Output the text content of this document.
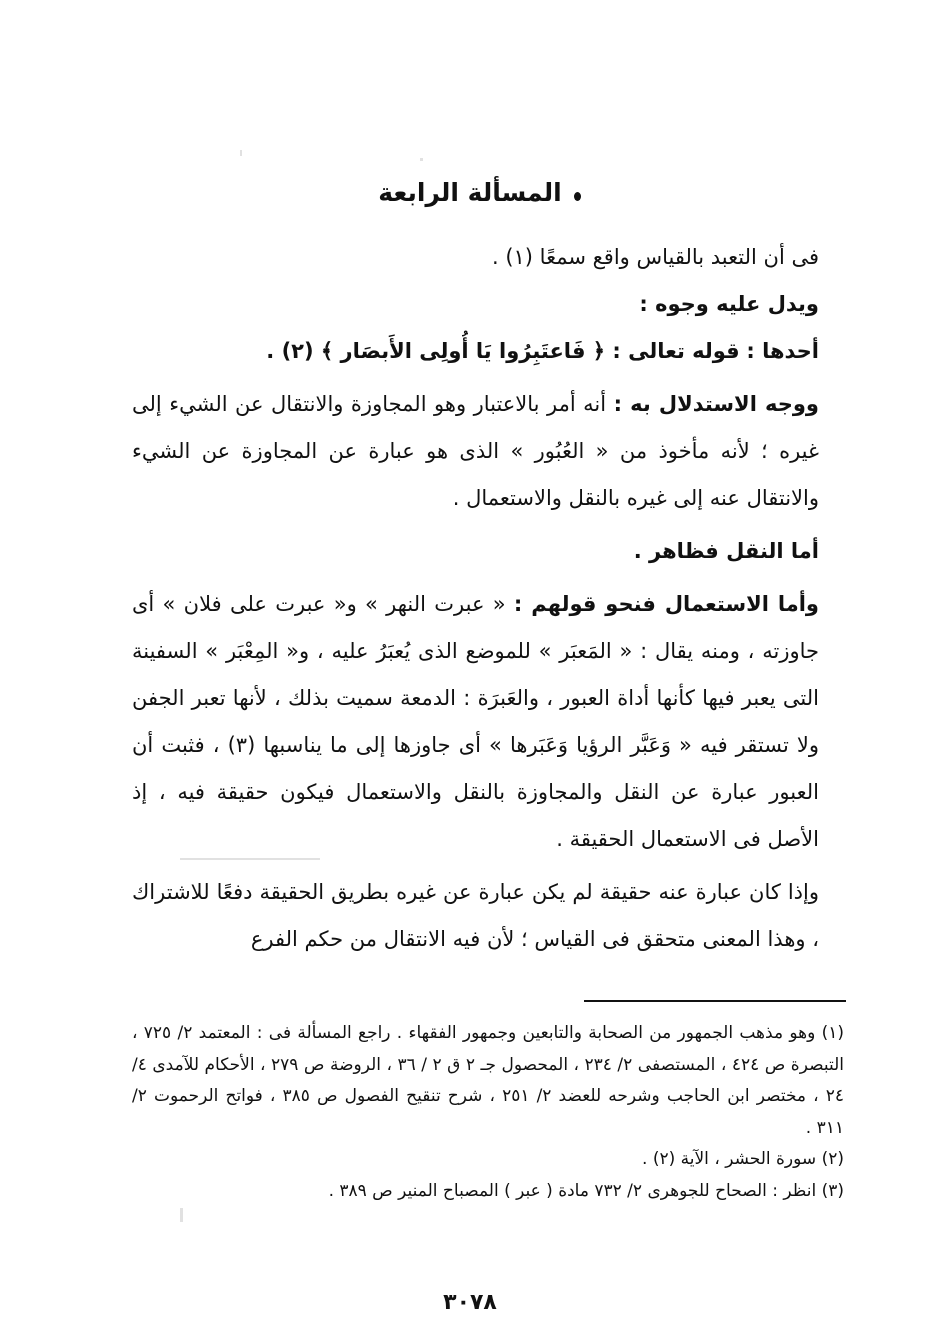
المسألة الرابعة

فى أن التعبد بالقياس واقع سمعًا (١) .

ويدل عليه وجوه :

أحدها : قوله تعالى : ﴿ فَاعتَبِرُوا يَا أُولِى الأَبصَار ﴾ (٢) .

ووجه الاستدلال به : أنه أمر بالاعتبار وهو المجاوزة والانتقال عن الشيء إلى غيره ؛ لأنه مأخوذ من « العُبُور » الذى هو عبارة عن المجاوزة عن الشيء والانتقال عنه إلى غيره بالنقل والاستعمال .

أما النقل فظاهر .

وأما الاستعمال فنحو قولهم : « عبرت النهر » و« عبرت على فلان » أى جاوزته ، ومنه يقال : « المَعبَر » للموضع الذى يُعبَرُ عليه ، و« المِعْبَر » السفينة التى يعبر فيها كأنها أداة العبور ، والعَبرَة : الدمعة سميت بذلك ، لأنها تعبر الجفن ولا تستقر فيه « وَعَبَّر الرؤيا وَعَبَرها » أى جاوزها إلى ما يناسبها (٣) ، فثبت أن العبور عبارة عن النقل والمجاوزة بالنقل والاستعمال فيكون حقيقة فيه ، إذ الأصل فى الاستعمال الحقيقة .

وإذا كان عبارة عنه حقيقة لم يكن عبارة عن غيره بطريق الحقيقة دفعًا للاشتراك ، وهذا المعنى متحقق فى القياس ؛ لأن فيه الانتقال من حكم الفرع

(١) وهو مذهب الجمهور من الصحابة والتابعين وجمهور الفقهاء . راجع المسألة فى : المعتمد ٢/ ٧٢٥ ، التبصرة ص ٤٢٤ ، المستصفى ٢/ ٢٣٤ ، المحصول جـ ٢ ق ٢ / ٣٦ ، الروضة ص ٢٧٩ ، الأحكام للآمدى ٤/ ٢٤ ، مختصر ابن الحاجب وشرحه للعضد ٢/ ٢٥١ ، شرح تنقيح الفصول ص ٣٨٥ ، فواتح الرحموت ٢/ ٣١١ .

(٢) سورة الحشر ، الآية (٢) .

(٣) انظر : الصحاح للجوهرى ٢/ ٧٣٢ مادة ( عبر ) المصباح المنير ص ٣٨٩ .

٣٠٧٨
